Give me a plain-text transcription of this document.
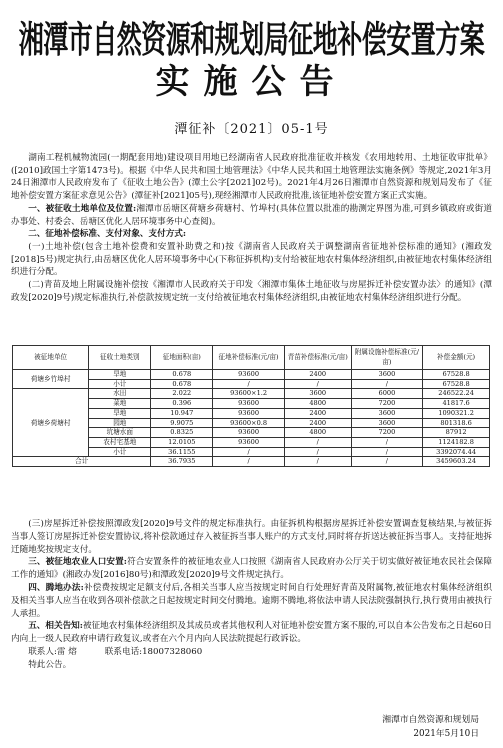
湘潭市自然资源和规划局征地补偿安置方案
实施公告
潭征补〔2021〕05-1号

湖南工程机械物流园(一期配套用地)建设项目用地已经湖南省人民政府批准征收并核发《农用地转用、土地征收审批单》([2010]政国土字第1473号)。根据《中华人民共和国土地管理法》《中华人民共和国土地管理法实施条例》等规定,2021年3月24日湘潭市人民政府发布了《征收土地公告》(潭土公字[2021]02号)。2021年4月26日湘潭市自然资源和规划局发布了《征地补偿安置方案征求意见公告》(潭征补[2021]05号),现经湘潭市人民政府批准,该征地补偿安置方案正式实施。

一、被征收土地单位及位置:湘潭市岳塘区荷塘乡荷塘村、竹埠村(具体位置以批准的勘测定界图为准,可到乡镇政府或街道办事处、村委会、岳塘区优化人居环境事务中心查阅)。

二、征地补偿标准、支付对象、支付方式:

(一)土地补偿(包含土地补偿费和安置补助费之和)按《湖南省人民政府关于调整湖南省征地补偿标准的通知》(湘政发[2018]5号)规定执行,由岳塘区优化人居环境事务中心(下称征拆机构)支付给被征地农村集体经济组织,由被征地农村集体经济组织进行分配。

(二)青苗及地上附属设施补偿按《湘潭市人民政府关于印发〈湘潭市集体土地征收与房屋拆迁补偿安置办法〉的通知》(潭政发[2020]9号)规定标准执行,补偿款按规定统一支付给被征地农村集体经济组织,由被征地农村集体经济组织进行分配。

被征地单位	征收土地类别	征地面积(亩)	征地补偿标准(元/亩)	青苗补偿标准(元/亩)	附属设施补偿标准(元/亩)	补偿金额(元)
荷塘乡竹埠村	旱地	0.678	93600	2400	3600	67528.8
	小计	0.678	/	/	/	67528.8
荷塘乡荷塘村	水田	2.022	93600×1.2	3600	6000	246522.24
	菜地	0.396	93600	4800	7200	41817.6
	旱地	10.947	93600	2400	3600	1090321.2
	园地	9.9075	93600×0.8	2400	3600	801318.6
	坑塘水面	0.8325	93600	4800	7200	87912
	农村宅基地	12.0105	93600	/	/	1124182.8
	小计	36.1155	/	/	/	3392074.44
合计		36.7935	/	/	/	3459603.24

(三)房屋拆迁补偿按照潭政发[2020]9号文件的规定标准执行。由征拆机构根据房屋拆迁补偿安置调查复核结果,与被征拆当事人签订房屋拆迁补偿安置协议,将补偿款通过存入被征拆当事人账户的方式支付,同时将存折送达被征拆当事人。支持征地拆迁随地奖按规定支付。

三、被征地农业人口安置:符合安置条件的被征地农业人口按照《湖南省人民政府办公厅关于切实做好被征地农民社会保障工作的通知》(湘政办发[2016]80号)和潭政发[2020]9号文件规定执行。

四、腾地办法:补偿费按规定足额支付后,各相关当事人应当按规定时间自行处理好青苗及附属物,被征地农村集体经济组织及相关当事人应当在收到各项补偿款之日起按规定时间交付腾地。逾期不腾地,将依法申请人民法院强制执行,执行费用由被执行人承担。

五、相关告知:被征地农村集体经济组织及其成员或者其他权利人对征地补偿安置方案不服的,可以自本公告发布之日起60日内向上一级人民政府申请行政复议,或者在六个月内向人民法院提起行政诉讼。

联系人:雷 熔	联系电话:18007328060

特此公告。

湘潭市自然资源和规划局
2021年5月10日
